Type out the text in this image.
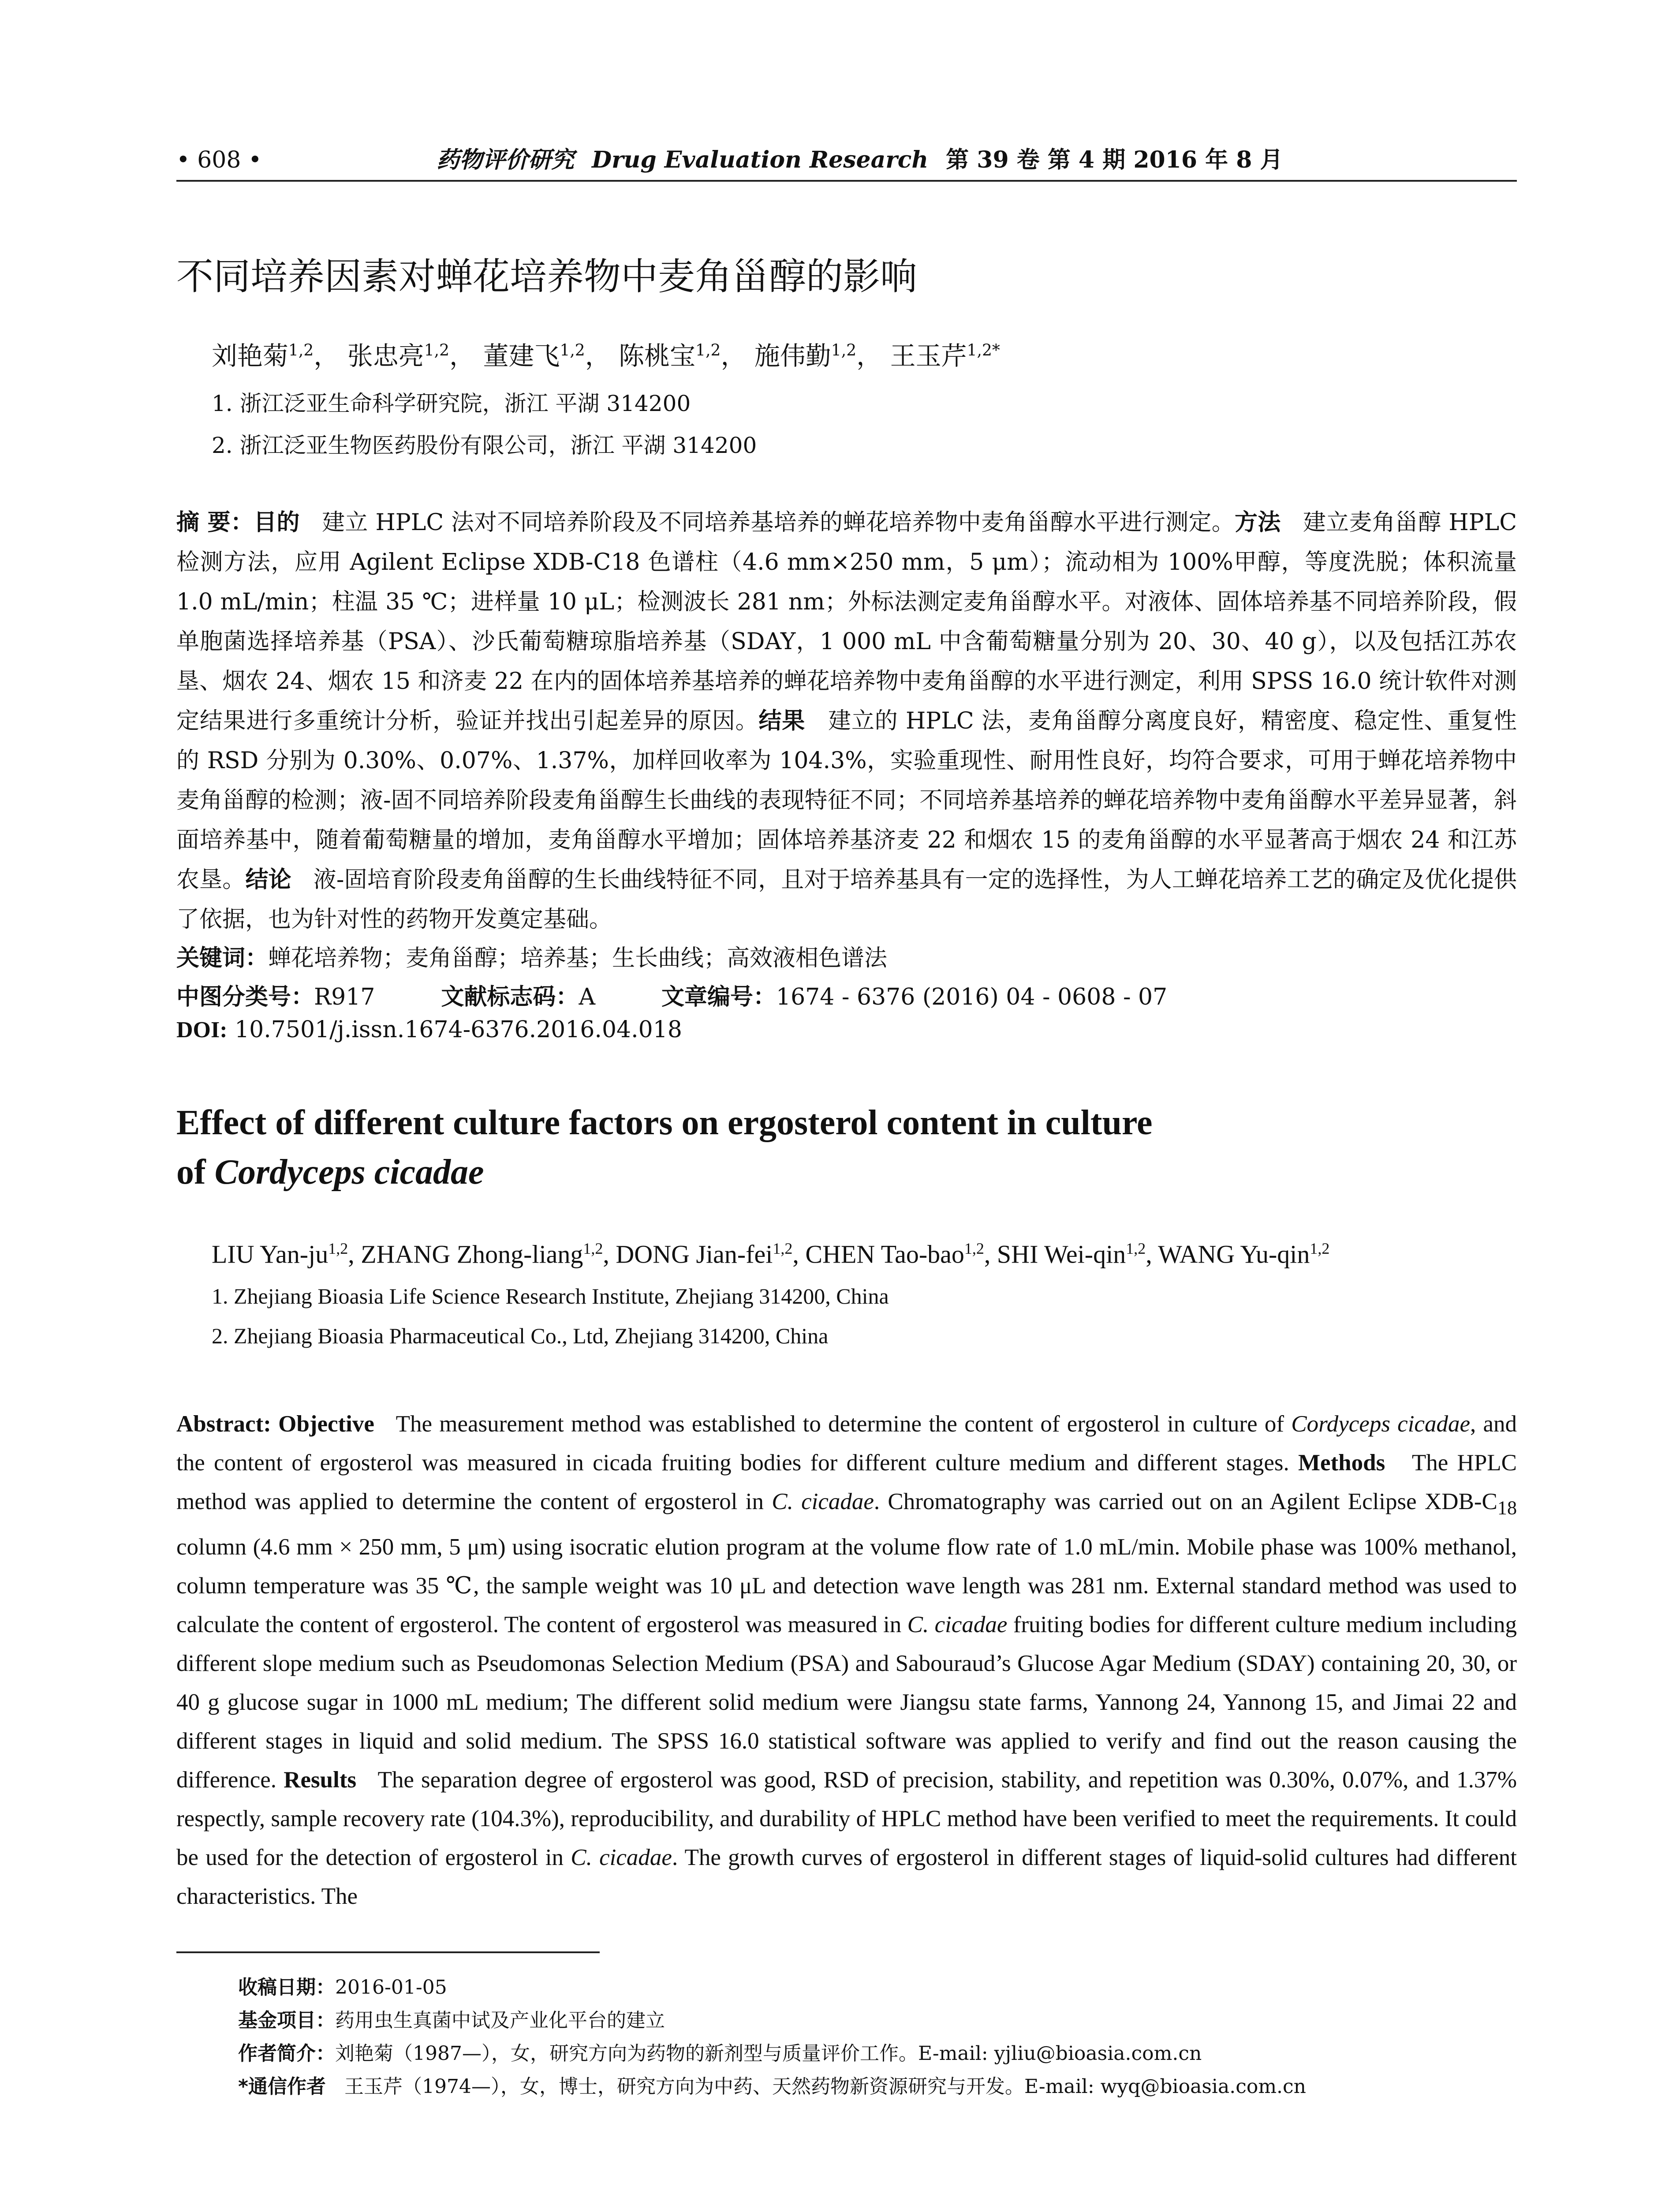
• 608 •	药物评价研究 Drug Evaluation Research 第 39 卷 第 4 期 2016 年 8 月
不同培养因素对蝉花培养物中麦角甾醇的影响
刘艳菊$^{1,2}$， 张忠亮$^{1,2}$， 董建飞$^{1,2}$， 陈桃宝$^{1,2}$， 施伟勤$^{1,2}$， 王玉芹$^{1,2*}$
1. 浙江泛亚生命科学研究院，浙江 平湖 314200
2. 浙江泛亚生物医药股份有限公司，浙江 平湖 314200
摘 要：目的 建立 HPLC 法对不同培养阶段及不同培养基培养的蝉花培养物中麦角甾醇水平进行测定。方法 建立麦角甾醇 HPLC 检测方法，应用 Agilent Eclipse XDB-C18 色谱柱（4.6 mm×250 mm，5 μm）；流动相为 100%甲醇，等度洗脱；体积流量 1.0 mL/min；柱温 35 ℃；进样量 10 μL；检测波长 281 nm；外标法测定麦角甾醇水平。对液体、固体培养基不同培养阶段，假单胞菌选择培养基（PSA）、沙氏葡萄糖琼脂培养基（SDAY，1 000 mL 中含葡萄糖量分别为 20、30、40 g），以及包括江苏农垦、烟农 24、烟农 15 和济麦 22 在内的固体培养基培养的蝉花培养物中麦角甾醇的水平进行测定，利用 SPSS 16.0 统计软件对测定结果进行多重统计分析，验证并找出引起差异的原因。结果 建立的 HPLC 法，麦角甾醇分离度良好，精密度、稳定性、重复性的 RSD 分别为 0.30%、0.07%、1.37%，加样回收率为 104.3%，实验重现性、耐用性良好，均符合要求，可用于蝉花培养物中麦角甾醇的检测；液-固不同培养阶段麦角甾醇生长曲线的表现特征不同；不同培养基培养的蝉花培养物中麦角甾醇水平差异显著，斜面培养基中，随着葡萄糖量的增加，麦角甾醇水平增加；固体培养基济麦 22 和烟农 15 的麦角甾醇的水平显著高于烟农 24 和江苏农垦。结论 液-固培育阶段麦角甾醇的生长曲线特征不同，且对于培养基具有一定的选择性，为人工蝉花培养工艺的确定及优化提供了依据，也为针对性的药物开发奠定基础。
关键词：蝉花培养物；麦角甾醇；培养基；生长曲线；高效液相色谱法
中图分类号：R917	文献标志码：A	文章编号：1674 - 6376 (2016) 04 - 0608 - 07
DOI: 10.7501/j.issn.1674-6376.2016.04.018
Effect of different culture factors on ergosterol content in culture
of Cordyceps cicadae
LIU Yan-ju$^{1,2}$, ZHANG Zhong-liang$^{1,2}$, DONG Jian-fei$^{1,2}$, CHEN Tao-bao$^{1,2}$, SHI Wei-qin$^{1,2}$, WANG Yu-qin$^{1,2}$
1. Zhejiang Bioasia Life Science Research Institute, Zhejiang 314200, China
2. Zhejiang Bioasia Pharmaceutical Co., Ltd, Zhejiang 314200, China
Abstract: Objective The measurement method was established to determine the content of ergosterol in culture of Cordyceps cicadae, and the content of ergosterol was measured in cicada fruiting bodies for different culture medium and different stages. Methods The HPLC method was applied to determine the content of ergosterol in C. cicadae. Chromatography was carried out on an Agilent Eclipse XDB-$C_{18}$ column (4.6 mm × 250 mm, 5 μm) using isocratic elution program at the volume flow rate of 1.0 mL/min. Mobile phase was 100% methanol, column temperature was 35 ℃, the sample weight was 10 μL and detection wave length was 281 nm. External standard method was used to calculate the content of ergosterol. The content of ergosterol was measured in C. cicadae fruiting bodies for different culture medium including different slope medium such as Pseudomonas Selection Medium (PSA) and Sabouraud’s Glucose Agar Medium (SDAY) containing 20, 30, or 40 g glucose sugar in 1000 mL medium; The different solid medium were Jiangsu state farms, Yannong 24, Yannong 15, and Jimai 22 and different stages in liquid and solid medium. The SPSS 16.0 statistical software was applied to verify and find out the reason causing the difference. Results The separation degree of ergosterol was good, RSD of precision, stability, and repetition was 0.30%, 0.07%, and 1.37% respectly, sample recovery rate (104.3%), reproducibility, and durability of HPLC method have been verified to meet the requirements. It could be used for the detection of ergosterol in C. cicadae. The growth curves of ergosterol in different stages of liquid-solid cultures had different characteristics. The
收稿日期：2016-01-05
基金项目：药用虫生真菌中试及产业化平台的建立
作者简介：刘艳菊（1987—），女，研究方向为药物的新剂型与质量评价工作。E-mail: yjliu@bioasia.com.cn
*通信作者 王玉芹（1974—），女，博士，研究方向为中药、天然药物新资源研究与开发。E-mail: wyq@bioasia.com.cn
